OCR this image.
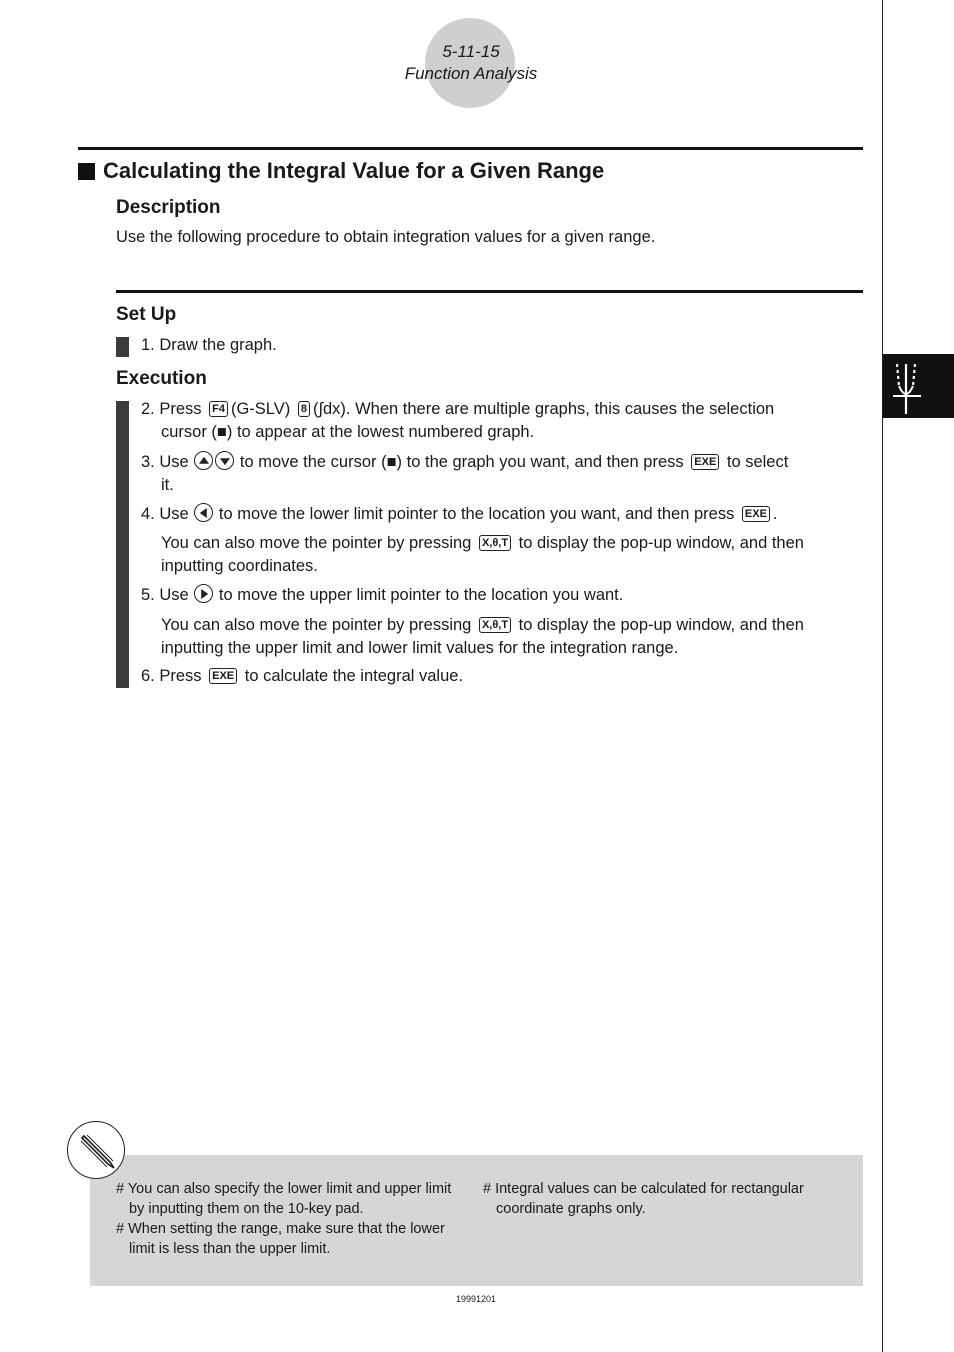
5-11-15
Function Analysis
Calculating the Integral Value for a Given Range
Description
Use the following procedure to obtain integration values for a given range.
Set Up
1. Draw the graph.
Execution
2. Press F4 (G-SLV) 8 (∫dx). When there are multiple graphs, this causes the selection
cursor (■) to appear at the lowest numbered graph.
3. Use	to move the cursor (■) to the graph you want, and then press EXE to select
it.
4. Use to move the lower limit pointer to the location you want, and then press EXE .
You can also move the pointer by pressing X,θ,T to display the pop-up window, and then
inputting coordinates.
5. Use to move the upper limit pointer to the location you want.
You can also move the pointer by pressing X,θ,T to display the pop-up window, and then
inputting the upper limit and lower limit values for the integration range.
6. Press EXE to calculate the integral value.

# You can also specify the lower limit and upper limit by inputting them on the 10-key pad.

# When setting the range, make sure that the lower limit is less than the upper limit.

# Integral values can be calculated for rectangular coordinate graphs only.

19991201
